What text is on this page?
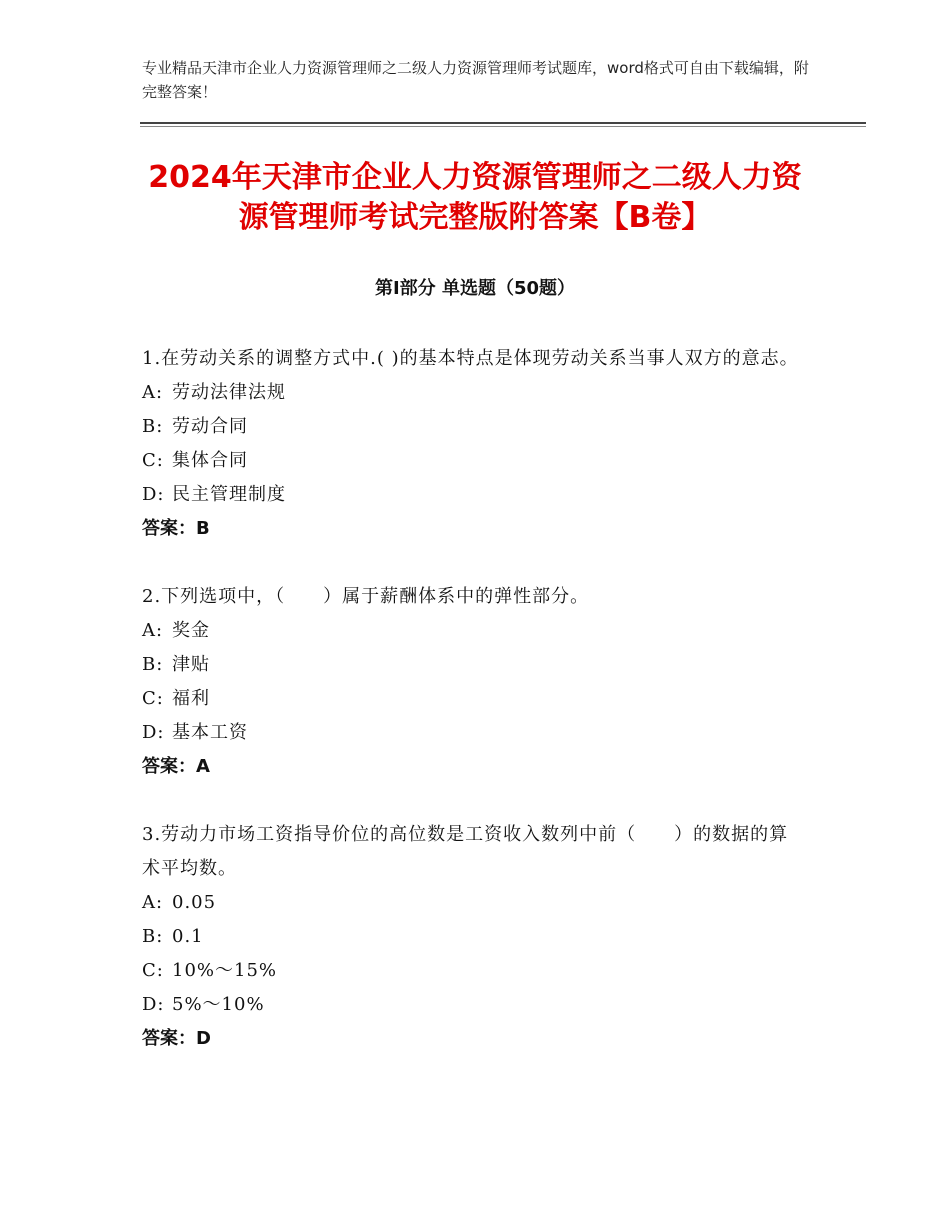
专业精品天津市企业人力资源管理师之二级人力资源管理师考试题库，word格式可自由下载编辑，附完整答案！
2024年天津市企业人力资源管理师之二级人力资源管理师考试完整版附答案【B卷】
第Ⅰ部分 单选题（50题）
1.在劳动关系的调整方式中.( )的基本特点是体现劳动关系当事人双方的意志。
A: 劳动法律法规
B: 劳动合同
C: 集体合同
D: 民主管理制度
答案：B
2.下列选项中，（　　）属于薪酬体系中的弹性部分。
A: 奖金
B: 津贴
C: 福利
D: 基本工资
答案：A
3.劳动力市场工资指导价位的高位数是工资收入数列中前（　　）的数据的算术平均数。
A: 0.05
B: 0.1
C: 10%～15%
D: 5%～10%
答案：D
